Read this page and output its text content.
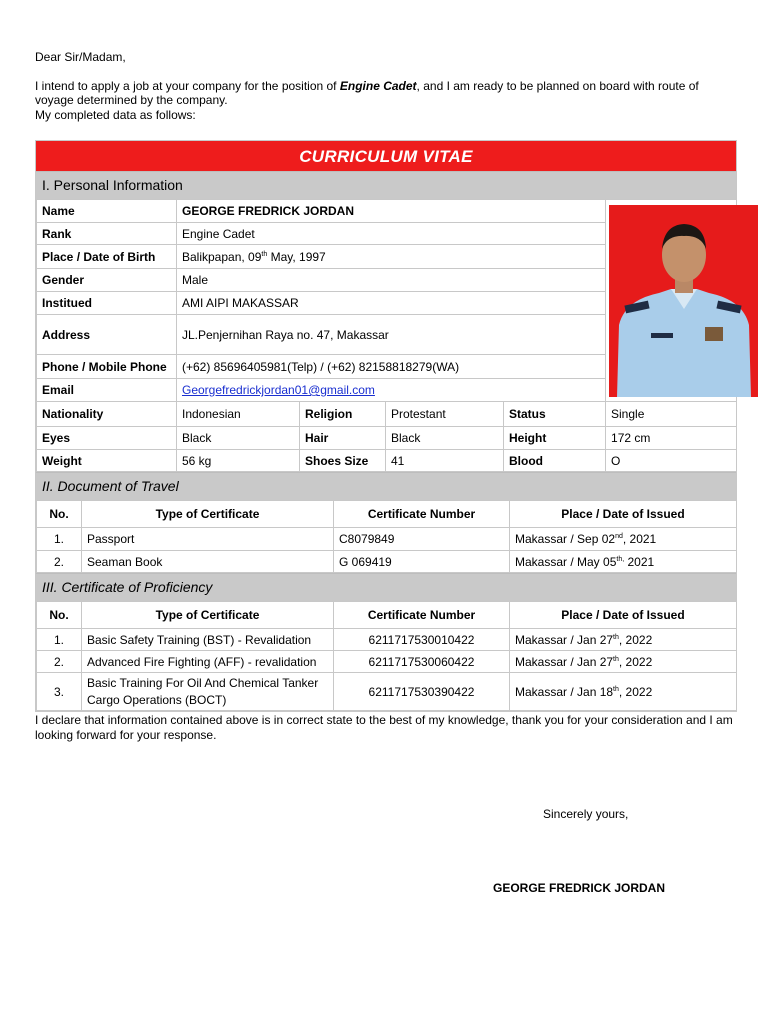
Dear Sir/Madam,

I intend to apply a job at your company for the position of Engine Cadet, and I am ready to be planned on board with route of voyage determined by the company.

My completed data as follows:

CURRICULUM VITAE
I. Personal Information
Name	GEORGE FREDRICK JORDAN	

Rank	Engine Cadet				
Place / Date of Birth	Balikpapan, 09th May, 1997				
Gender	Male				
Institued	AMI AIPI MAKASSAR				
Address	JL.Penjernihan Raya no. 47, Makassar				
Phone / Mobile Phone	(+62) 85696405981(Telp) / (+62) 82158818279(WA)				
Email	Georgefredrickjordan01@gmail.com				
Nationality	Indonesian	Religion	Protestant	Status	Single
Eyes	Black	Hair	Black	Height	172 cm
Weight	56 kg	Shoes Size	41	Blood	O
II. Document of Travel
No.	Type of Certificate	Certificate Number	Place / Date of Issued
1.	Passport	C8079849	Makassar / Sep 02nd, 2021
2.	Seaman Book	G 069419	Makassar / May $05^{th,}$ 2021
III. Certificate of Proficiency
No.	Type of Certificate	Certificate Number	Place / Date of Issued
1.	Basic Safety Training (BST) - Revalidation	6211717530010422	Makassar / Jan 27th, 2022
2.	Advanced Fire Fighting (AFF) - revalidation	6211717530060422	Makassar / Jan 27th, 2022
3.	Basic Training For Oil And Chemical Tanker Cargo Operations (BOCT)	6211717530390422	Makassar / Jan 18th, 2022

I declare that information contained above is in correct state to the best of my knowledge, thank you for your consideration and I am looking forward for your response.

Sincerely yours,
GEORGE FREDRICK JORDAN
